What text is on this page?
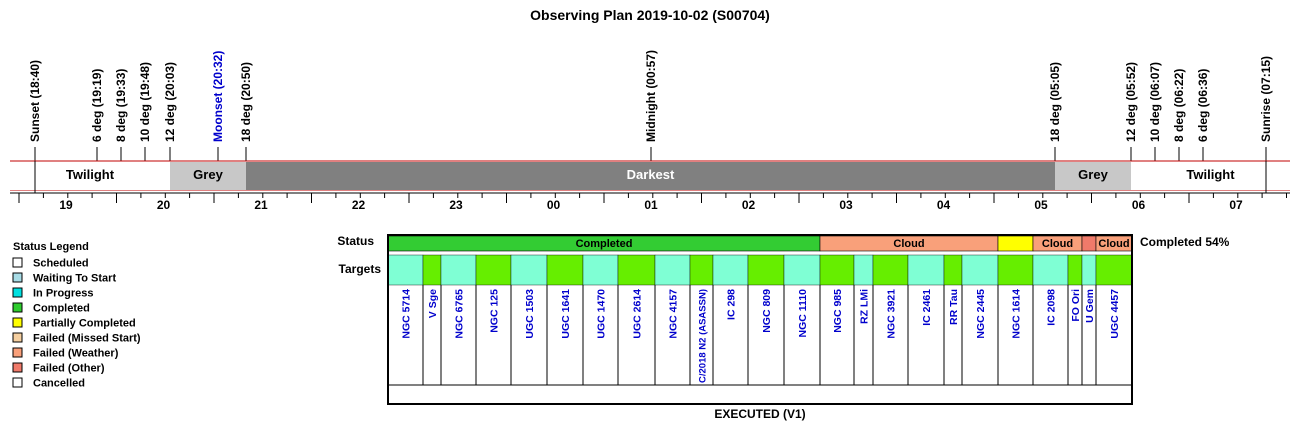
Observing Plan 2019-10-02 (S00704)
Sunset (18:40)	6 deg (19:19) 8 deg (19:33) 10 deg (19:48) 12 deg (20:03)	Moonset (20:32) 18 deg (20:50)	Midnight (00:57)	18 deg (05:05)	12 deg (05:52) 10 deg (06:07) 8 deg (06:22) 6 deg (06:36)	Sunrise (07:15)
Twilight	Grey	Darkest	Grey	Twilight
19	20	21	22	23	00	01	02	03	04	05	06	07
Status Legend
Scheduled
Waiting To Start
In Progress
Completed
Partially Completed
Failed (Missed Start)
Failed (Weather)
Failed (Other)
Cancelled
Status
Targets
Completed	Cloud	Cloud Cloud Completed 54%
NGC 5714 V Sge NGC 6765 NGC 125 UGC 1503 UGC 1641 UGC 1470 UGC 2614 NGC 4157 C/2018 N2 (ASASSN) IC 298 NGC 809 NGC 1110 NGC 985 RZ LMi NGC 3921 IC 2461 RR Tau NGC 2445 NGC 1614 IC 2098 FO Ori U Gem UGC 4457
EXECUTED (V1)
